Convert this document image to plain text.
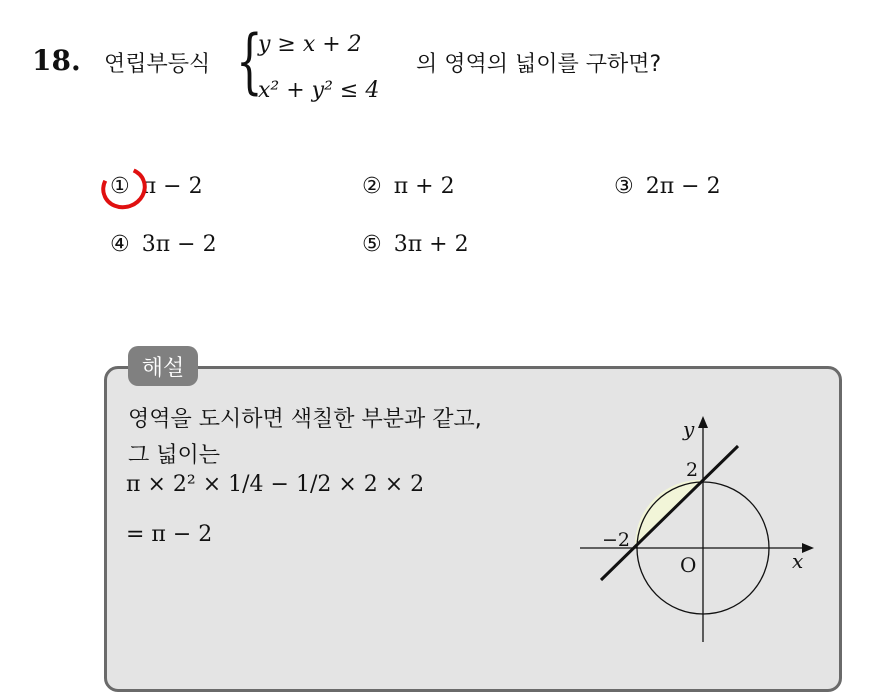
18. 연립부등식 {
y ≥ x + 2
x² + y² ≤ 4
의 영역의 넓이를 구하면?
① π − 2	② π + 2	③ 2π − 2
④ 3π − 2	⑤ 3π + 2
해설
영역을 도시하면 색칠한 부분과 같고,
그 넓이는
π × 2² × 1/4 − 1/2 × 2 × 2
= π − 2
y
x
O
2
−2
